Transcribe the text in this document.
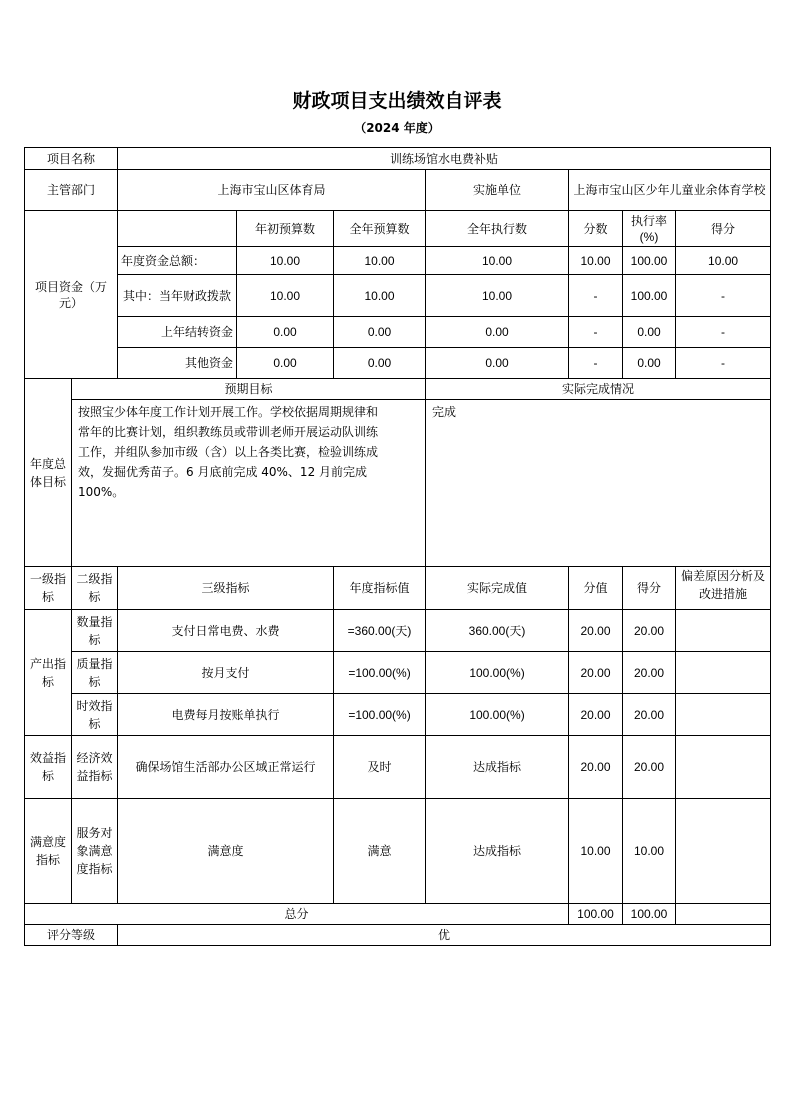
财政项目支出绩效自评表
（2024 年度）
项目名称		训练场馆水电费补贴						
主管部门		上海市宝山区体育局			实施单位	上海市宝山区少年儿童业余体育学校		
项目资金（万元）			年初预算数	全年预算数	全年执行数	分数	执行率(%)	得分
		年度资金总额：	10.00	10.00	10.00	10.00	100.00	10.00
		其中：当年财政拨款	10.00	10.00	10.00	-	100.00	-
		上年结转资金	0.00	0.00	0.00	-	0.00	-
		其他资金	0.00	0.00	0.00	-	0.00	-
年度总体目标	预期目标				实际完成情况			

	按照宝少体年度工作计划开展工作。学校依据周期规律和
常年的比赛计划，组织教练员或带训老师开展运动队训练
工作，并组队参加市级（含）以上各类比赛，检验训练成
效，发掘优秀苗子。6 月底前完成 40%、12 月前完成
100%。				完成			
一级指标	二级指标	三级指标		年度指标值	实际完成值	分值	得分	偏差原因分析及改进措施
产出指标	数量指标	支付日常电费、水费		=360.00(天)	360.00(天)	20.00	20.00	
	质量指标	按月支付		=100.00(%)	100.00(%)	20.00	20.00	
	时效指标	电费每月按账单执行		=100.00(%)	100.00(%)	20.00	20.00	
效益指标	经济效益指标	确保场馆生活部办公区域正常运行		及时	达成指标	20.00	20.00	
满意度指标	服务对象满意度指标	满意度		满意	达成指标	10.00	10.00	
总分						100.00	100.00	
评分等级		优						
